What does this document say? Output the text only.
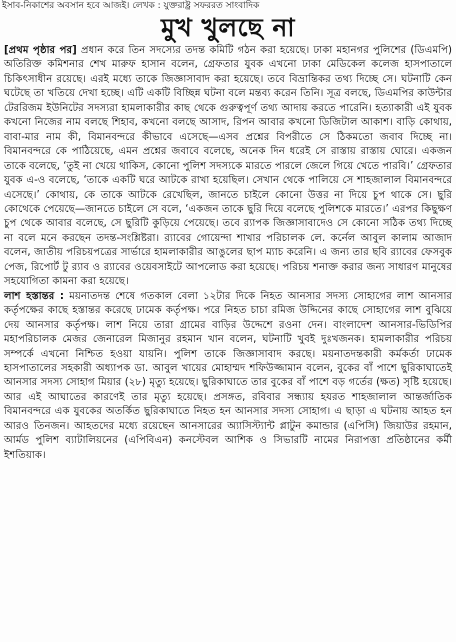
ইসাব-নিকাশের অবসান হবে আজই। লেখক : যুক্তরাষ্ট্র সফররত সাংবাদিক
মুখ খুলছে না

[প্রথম পৃষ্ঠার পর] প্রধান করে তিন সদস্যের তদন্ত কমিটি গঠন করা হয়েছে। ঢাকা মহানগর পুলিশের (ডিএমপি) অতিরিক্ত কমিশনার শেখ মারুফ হাসান বলেন, গ্রেফতার যুবক এখনো ঢাকা মেডিকেল কলেজ হাসপাতালে চিকিৎসাধীন রয়েছে। এরই মধ্যে তাকে জিজ্ঞাসাবাদ করা হয়েছে। তবে বিভ্রান্তিকর তথ্য দিচ্ছে সে। ঘটনাটি কেন ঘটেছে তা খতিয়ে দেখা হচ্ছে। এটি একটি বিচ্ছিন্ন ঘটনা বলে মন্তব্য করেন তিনি। সূত্র বলছে, ডিএমপির কাউন্টার টেররিজম ইউনিটের সদস্যরা হামলাকারীর কাছ থেকে গুরুত্বপূর্ণ তথ্য আদায় করতে পারেনি। হত্যাকারী এই যুবক কখনো নিজের নাম বলছে শিহাব, কখনো বলছে আসাদ, রিপন আবার কখনো ডিজিটাল আকাশ। বাড়ি কোথায়, বাবা-মার নাম কী, বিমানবন্দরে কীভাবে এসেছে—এসব প্রশ্নের বিপরীতে সে ঠিকমতো জবাব দিচ্ছে না। বিমানবন্দরে কে পাঠিয়েছে, এমন প্রশ্নের জবাবে বলেছে, অনেক দিন ধরেই সে রাস্তায় রাস্তায় ঘোরে। একজন তাকে বলেছে, ‘তুই না খেয়ে থাকিস, কোনো পুলিশ সদস্যকে মারতে পারলে জেলে গিয়ে খেতে পারবি।’ গ্রেফতার যুবক এ-ও বলেছে, ‘তাকে একটি ঘরে আটকে রাখা হয়েছিল। সেখান থেকে পালিয়ে সে শাহজালাল বিমানবন্দরে এসেছে।’ কোথায়, কে তাকে আটকে রেখেছিল, জানতে চাইলে কোনো উত্তর না দিয়ে চুপ থাকে সে। ছুরি কোথেকে পেয়েছে—জানতে চাইলে সে বলে, ‘একজন তাকে ছুরি দিয়ে বলেছে পুলিশকে মারতে।’ এরপর কিছুক্ষণ চুপ থেকে আবার বলেছে, সে ছুরিটি কুড়িয়ে পেয়েছে। তবে র‌্যাপক জিজ্ঞাসাবাদেও সে কোনো সঠিক তথ্য দিচ্ছে না বলে মনে করছেন তদন্ত-সংশ্লিষ্টরা। র‌্যাবের গোয়েন্দা শাখার পরিচালক লে. কর্নেল আবুল কালাম আজাদ বলেন, জাতীয় পরিচয়পত্রের সার্ভারে হামলাকারীর আঙুলের ছাপ ম্যাচ করেনি। এ জন্য তার ছবি র‌্যাবের ফেসবুক পেজ, রিপোর্ট টু র‌্যাব ও র‌্যাবের ওয়েবসাইটে আপলোড করা হয়েছে। পরিচয় শনাক্ত করার জন্য সাধারণ মানুষের সহযোগিতা কামনা করা হয়েছে।

লাশ হস্তান্তর : ময়নাতদন্ত শেষে গতকাল বেলা ১২টার দিকে নিহত আনসার সদস্য সোহাগের লাশ আনসার কর্তৃপক্ষের কাছে হস্তান্তর করেছে ঢামেক কর্তৃপক্ষ। পরে নিহত চাচা রমিজ উদ্দিনের কাছে সোহাগের লাশ বুঝিয়ে দেয় আনসার কর্তৃপক্ষ। লাশ নিয়ে তারা গ্রামের বাড়ির উদ্দেশে রওনা দেন। বাংলাদেশ আনসার-ভিডিপির মহাপরিচালক মেজর জেনারেল মিজানুর রহমান খান বলেন, ঘটনাটি খুবই দুঃখজনক। হামলাকারীর পরিচয় সম্পর্কে এখনো নিশ্চিত হওয়া যায়নি। পুলিশ তাকে জিজ্ঞাসাবাদ করছে। ময়নাতদন্তকারী কর্মকর্তা ঢামেক হাসপাতালের সহকারী অধ্যাপক ডা. আবুল খায়ের মোহাম্মদ শফিউজ্জামান বলেন, বুকের বাঁ পাশে ছুরিকাঘাতেই আনসার সদস্য সোহাগ মিয়ার (২৮) মৃত্যু হয়েছে। ছুরিকাঘাতে তার বুকের বাঁ পাশে বড় গর্তের (ক্ষত) সৃষ্টি হয়েছে। আর এই আঘাতের কারণেই তার মৃত্যু হয়েছে। প্রসঙ্গত, রবিবার সন্ধ্যায় হযরত শাহজালাল আন্তর্জাতিক বিমানবন্দরে এক যুবকের অতর্কিত ছুরিকাঘাতে নিহত হন আনসার সদস্য সোহাগ। এ ছাড়া এ ঘটনায় আহত হন আরও তিনজন। আহতদের মধ্যে রয়েছেন আনসারের অ্যাসিস্ট্যান্ট প্লাটুন কমান্ডার (এপিসি) জিয়াউর রহমান, আর্মড পুলিশ ব্যাটালিয়নের (এপিবিএন) কনস্টেবল আশিক ও সিভারটি নামের নিরাপত্তা প্রতিষ্ঠানের কর্মী ইশতিয়াক।
